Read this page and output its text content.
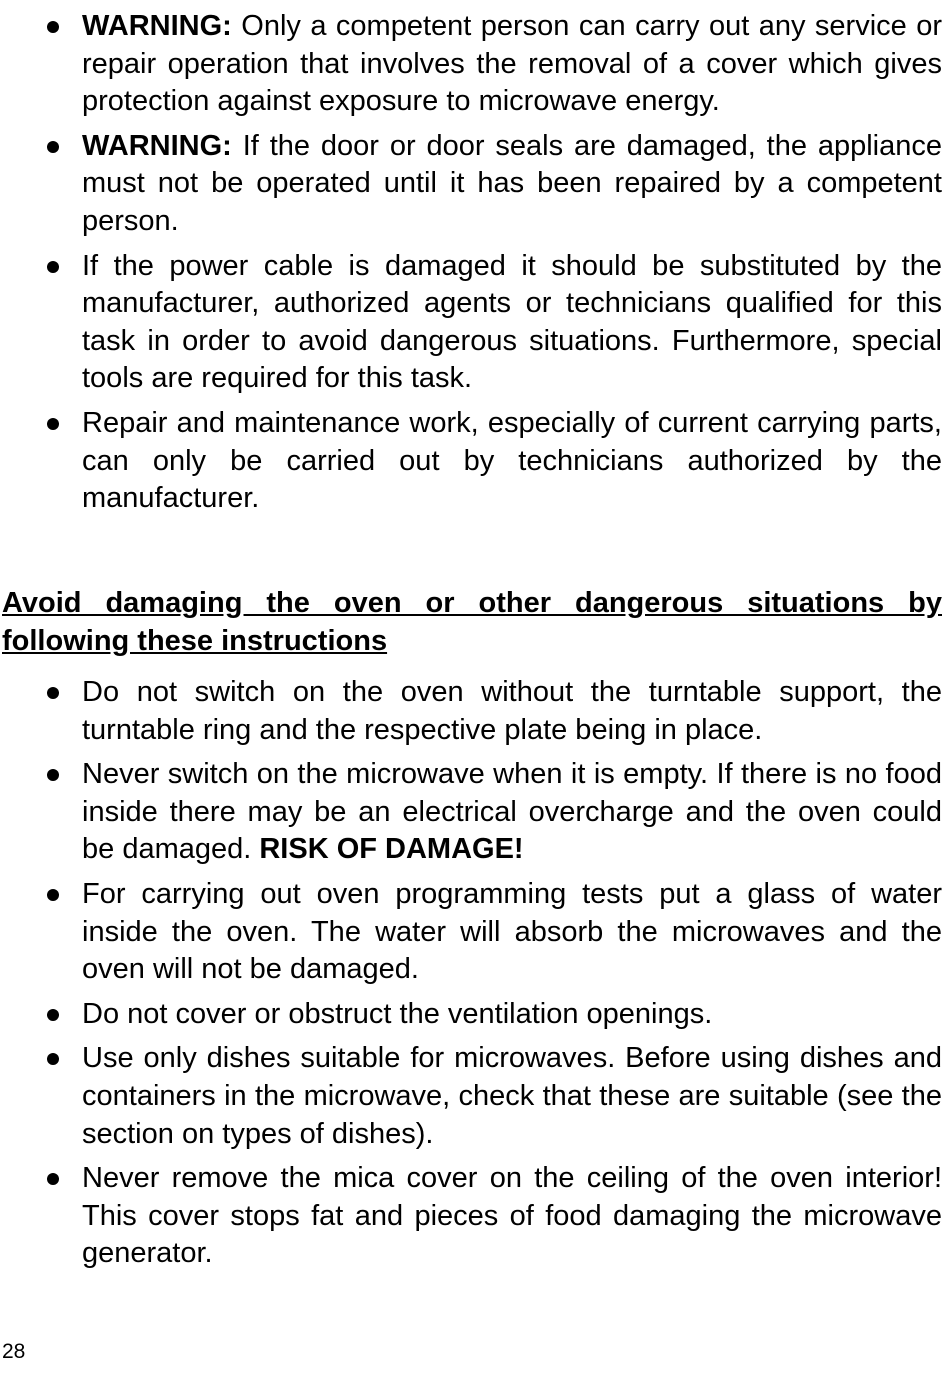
WARNING: Only a competent person can carry out any service or repair operation that involves the removal of a cover which gives protection against exposure to microwave energy.
WARNING: If the door or door seals are damaged, the appliance must not be operated until it has been repaired by a competent person.
If the power cable is damaged it should be substituted by the manufacturer, authorized agents or technicians qualified for this task in order to avoid dangerous situations. Furthermore, special tools are required for this task.
Repair and maintenance work, especially of current carrying parts, can only be carried out by technicians authorized by the manufacturer.
Avoid damaging the oven or other dangerous situations by following these instructions
Do not switch on the oven without the turntable support, the turntable ring and the respective plate being in place.
Never switch on the microwave when it is empty. If there is no food inside there may be an electrical overcharge and the oven could be damaged. RISK OF DAMAGE!
For carrying out oven programming tests put a glass of water inside the oven. The water will absorb the microwaves and the oven will not be damaged.
Do not cover or obstruct the ventilation openings.
Use only dishes suitable for microwaves. Before using dishes and containers in the microwave, check that these are suitable (see the section on types of dishes).
Never remove the mica cover on the ceiling of the oven interior! This cover stops fat and pieces of food damaging the microwave generator.
28
